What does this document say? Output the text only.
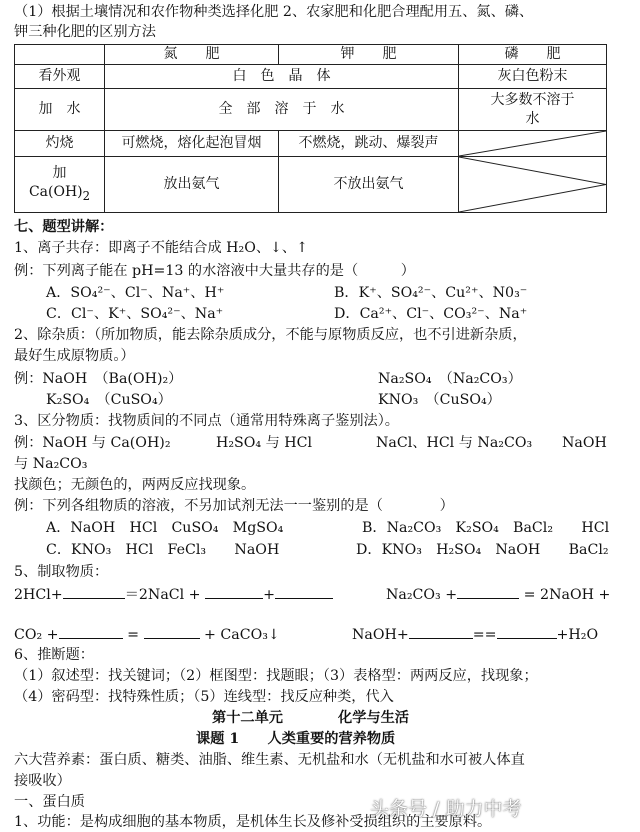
（1）根据土壤情况和农作物种类选择化肥 2、农家肥和化肥合理配用五、氮、磷、
钾三种化肥的区别方法
	氮　　肥	钾　　肥	磷　　肥
看外观	白　色　晶　体		灰白色粉末
加　水	全　部　溶　于　水		大多数不溶于
水
灼烧	可燃烧，熔化起泡冒烟	不燃烧，跳动、爆裂声	

加
$Ca(OH)_2$	放出氨气	不放出氨气	
七、题型讲解：
1、离子共存：即离子不能结合成 H₂O、↓、↑
例：下列离子能在 pH=13 的水溶液中大量共存的是（　　　）
A．SO₄²⁻、Cl⁻、Na⁺、H⁺	B．K⁺、SO₄²⁻、Cu²⁺、N0₃⁻
C．Cl⁻、K⁺、SO₄²⁻、Na⁺	D．Ca²⁺、Cl⁻、CO₃²⁻、Na⁺
2、除杂质：（所加物质，能去除杂质成分，不能与原物质反应，也不引进新杂质，
最好生成原物质。）
例：NaOH　（Ba(OH)₂）	Na₂SO₄　（Na₂CO₃）
K₂SO₄　（CuSO₄）	KNO₃　（CuSO₄）
3、区分物质：找物质间的不同点（通常用特殊离子鉴别法）。
例：NaOH 与 Ca(OH)₂	H₂SO₄ 与 HCl	NaCl、HCl 与 Na₂CO₃ NaOH
与 Na₂CO₃
找颜色；无颜色的，两两反应找现象。
例：下列各组物质的溶液，不另加试剂无法一一鉴别的是（　　　　）
A．NaOH　HCl　CuSO₄　MgSO₄	B．Na₂CO₃　K₂SO₄　BaCl₂　　HCl
C．KNO₃　HCl　FeCl₃　　NaOH	D．KNO₃　H₂SO₄　NaOH　　BaCl₂
5、制取物质：
2HCl+	＝2NaCl +	+	Na₂CO₃ +	= 2NaOH +
CO₂ +	=	+ CaCO₃↓	NaOH+	==	+H₂O
6、推断题：
（1）叙述型：找关键词；（2）框图型：找题眼；（3）表格型：两两反应，找现象；
（4）密码型：找特殊性质；（5）连线型：找反应种类，代入
第十二单元	化学与生活
课题 1　　人类重要的营养物质
六大营养素：蛋白质、糖类、油脂、维生素、无机盐和水（无机盐和水可被人体直
接吸收）
一、蛋白质
1、功能：是构成细胞的基本物质，是机体生长及修补受损组织的主要原料。
头条号 / 助力中考
